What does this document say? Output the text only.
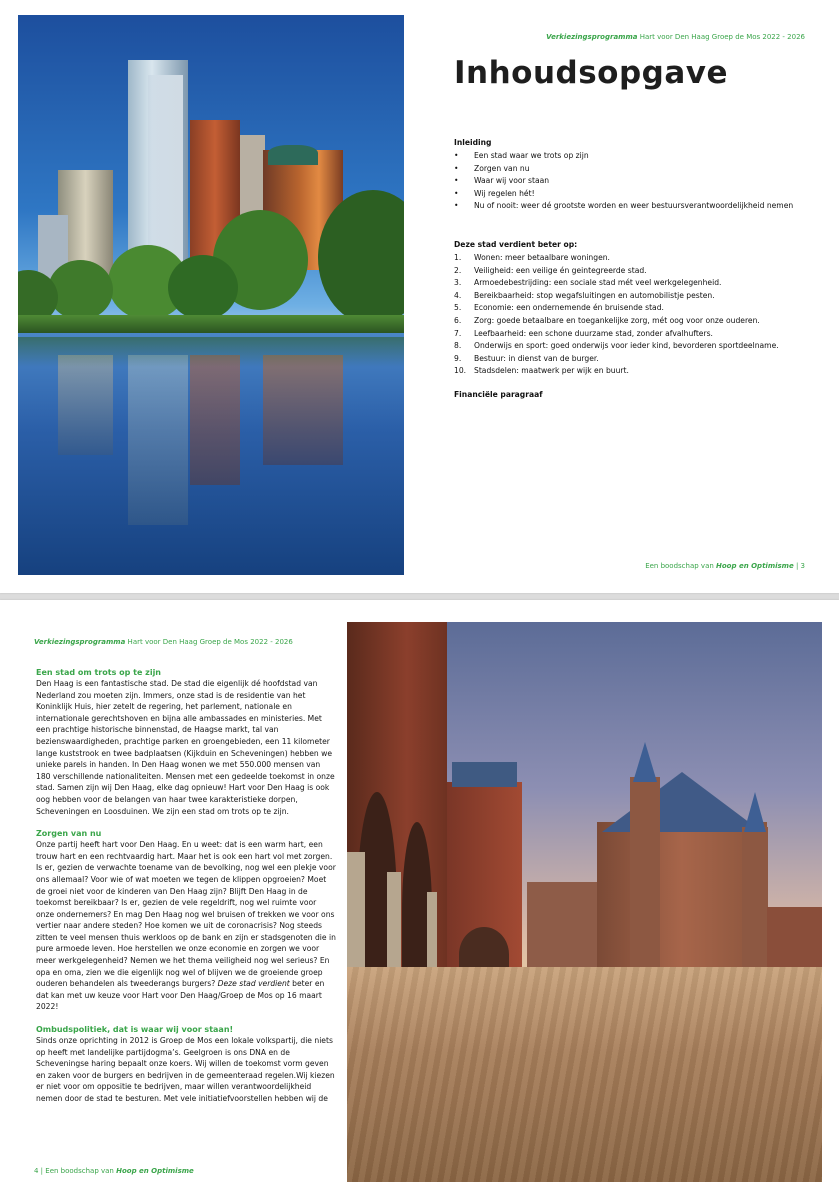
Verkiezingsprogramma Hart voor Den Haag Groep de Mos 2022 - 2026
Inhoudsopgave
Inleiding
• Een stad waar we trots op zijn
• Zorgen van nu
• Waar wij voor staan
• Wij regelen hét!
• Nu of nooit: weer dé grootste worden en weer bestuursverantwoordelijkheid nemen
Deze stad verdient beter op:
1. Wonen: meer betaalbare woningen.
2. Veiligheid: een veilige én geintegreerde stad.
3. Armoedebestrijding: een sociale stad mét veel werkgelegenheid.
4. Bereikbaarheid: stop wegafsluitingen en automobilistje pesten.
5. Economie: een ondernemende én bruisende stad.
6. Zorg: goede betaalbare en toegankelijke zorg, mét oog voor onze ouderen.
7. Leefbaarheid: een schone duurzame stad, zonder afvalhufters.
8. Onderwijs en sport: goed onderwijs voor ieder kind, bevorderen sportdeelname.
9. Bestuur: in dienst van de burger.
10. Stadsdelen: maatwerk per wijk en buurt.
Financiële paragraaf
Een boodschap van Hoop en Optimisme | 3
Verkiezingsprogramma Hart voor Den Haag Groep de Mos 2022 - 2026
Een stad om trots op te zijn

Den Haag is een fantastische stad. De stad die eigenlijk dé hoofdstad van Nederland zou moeten zijn. Immers, onze stad is de residentie van het Koninklijk Huis, hier zetelt de regering, het parlement, nationale en internationale gerechtshoven en bijna alle ambassades en ministeries. Met een prachtige historische binnenstad, de Haagse markt, tal van bezienswaardigheden, prachtige parken en groengebieden, een 11 kilometer lange kuststrook en twee badplaatsen (Kijkduin en Scheveningen) hebben we unieke parels in handen. In Den Haag wonen we met 550.000 mensen van 180 verschillende nationaliteiten. Mensen met een gedeelde toekomst in onze stad. Samen zijn wij Den Haag, elke dag opnieuw! Hart voor Den Haag is ook oog hebben voor de belangen van haar twee karakteristieke dorpen, Scheveningen en Loosduinen. We zijn een stad om trots op te zijn.

Zorgen van nu

Onze partij heeft hart voor Den Haag. En u weet: dat is een warm hart, een trouw hart en een rechtvaardig hart. Maar het is ook een hart vol met zorgen. Is er, gezien de verwachte toename van de bevolking, nog wel een plekje voor ons allemaal? Voor wie of wat moeten we tegen de klippen opgroeien? Moet de groei niet voor de kinderen van Den Haag zijn? Blijft Den Haag in de toekomst bereikbaar? Is er, gezien de vele regeldrift, nog wel ruimte voor onze ondernemers? En mag Den Haag nog wel bruisen of trekken we voor ons vertier naar andere steden? Hoe komen we uit de coronacrisis? Nog steeds zitten te veel mensen thuis werkloos op de bank en zijn er stadsgenoten die in pure armoede leven. Hoe herstellen we onze economie en zorgen we voor meer werkgelegenheid? Nemen we het thema veiligheid nog wel serieus? En opa en oma, zien we die eigenlijk nog wel of blijven we de groeiende groep ouderen behandelen als tweederangs burgers? Deze stad verdient beter en dat kan met uw keuze voor Hart voor Den Haag/Groep de Mos op 16 maart 2022!

Ombudspolitiek, dat is waar wij voor staan!

Sinds onze oprichting in 2012 is Groep de Mos een lokale volkspartij, die niets op heeft met landelijke partijdogma’s. Geelgroen is ons DNA en de Scheveningse haring bepaalt onze koers. Wij willen de toekomst vorm geven en zaken voor de burgers en bedrijven in de gemeenteraad regelen.Wij kiezen er niet voor om oppositie te bedrijven, maar willen verantwoordelijkheid nemen door de stad te besturen. Met vele initiatiefvoorstellen hebben wij de

4 | Een boodschap van Hoop en Optimisme
